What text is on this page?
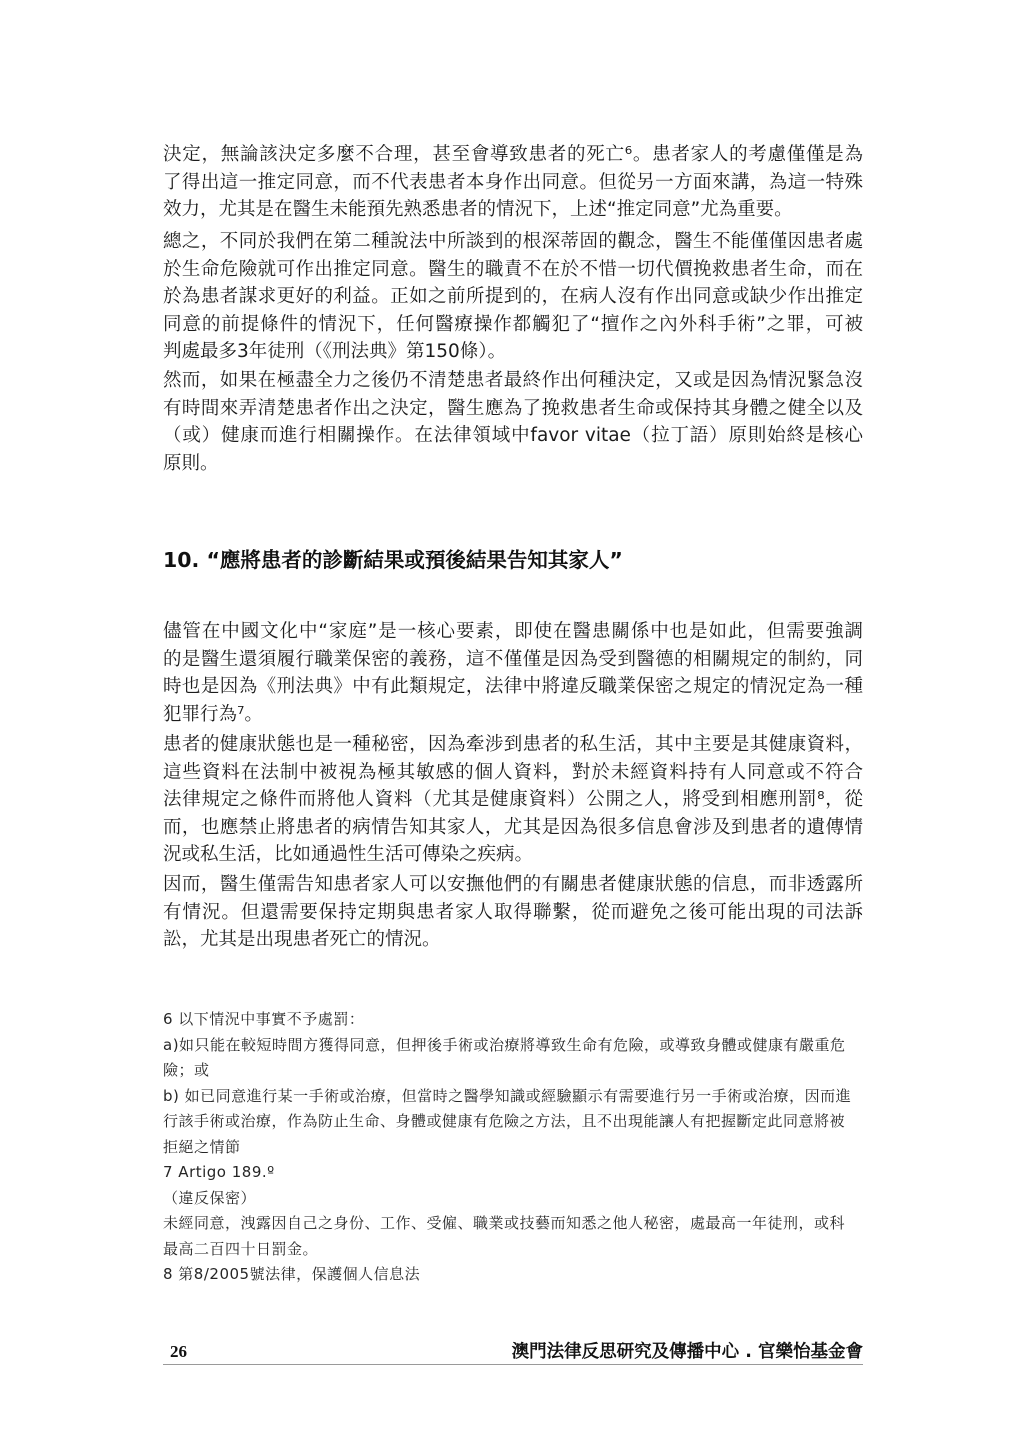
決定，無論該決定多麼不合理，甚至會導致患者的死亡⁶。患者家人的考慮僅僅是為
了得出這一推定同意，而不代表患者本身作出同意。但從另一方面來講，為這一特殊
效力，尤其是在醫生未能預先熟悉患者的情況下，上述“推定同意”尤為重要。
總之，不同於我們在第二種說法中所談到的根深蒂固的觀念，醫生不能僅僅因患者處
於生命危險就可作出推定同意。醫生的職責不在於不惜一切代價挽救患者生命，而在
於為患者謀求更好的利益。正如之前所提到的，在病人沒有作出同意或缺少作出推定
同意的前提條件的情況下，任何醫療操作都觸犯了“擅作之內外科手術”之罪，可被
判處最多3年徒刑（《刑法典》第150條）。
然而，如果在極盡全力之後仍不清楚患者最終作出何種決定，又或是因為情況緊急沒
有時間來弄清楚患者作出之決定，醫生應為了挽救患者生命或保持其身體之健全以及
（或）健康而進行相關操作。在法律領域中favor vitae（拉丁語）原則始終是核心
原則。
10. “應將患者的診斷結果或預後結果告知其家人”
儘管在中國文化中“家庭”是一核心要素，即使在醫患關係中也是如此，但需要強調
的是醫生還須履行職業保密的義務，這不僅僅是因為受到醫德的相關規定的制約，同
時也是因為《刑法典》中有此類規定，法律中將違反職業保密之規定的情況定為一種
犯罪行為⁷。
患者的健康狀態也是一種秘密，因為牽涉到患者的私生活，其中主要是其健康資料，
這些資料在法制中被視為極其敏感的個人資料，對於未經資料持有人同意或不符合
法律規定之條件而將他人資料（尤其是健康資料）公開之人，將受到相應刑罰⁸，從
而，也應禁止將患者的病情告知其家人，尤其是因為很多信息會涉及到患者的遺傳情
況或私生活，比如通過性生活可傳染之疾病。
因而，醫生僅需告知患者家人可以安撫他們的有關患者健康狀態的信息，而非透露所
有情況。但還需要保持定期與患者家人取得聯繫，從而避免之後可能出現的司法訴
訟，尤其是出現患者死亡的情況。
6 以下情況中事實不予處罰：
a)如只能在較短時間方獲得同意，但押後手術或治療將導致生命有危險，或導致身體或健康有嚴重危
險；或
b) 如已同意進行某一手術或治療，但當時之醫學知識或經驗顯示有需要進行另一手術或治療，因而進
行該手術或治療，作為防止生命、身體或健康有危險之方法，且不出現能讓人有把握斷定此同意將被
拒絕之情節
7 Artigo 189.º
（違反保密）
未經同意，洩露因自己之身份、工作、受僱、職業或技藝而知悉之他人秘密，處最高一年徒刑，或科
最高二百四十日罰金。
8 第8/2005號法律，保護個人信息法
26	澳門法律反思研究及傳播中心 . 官樂怡基金會
